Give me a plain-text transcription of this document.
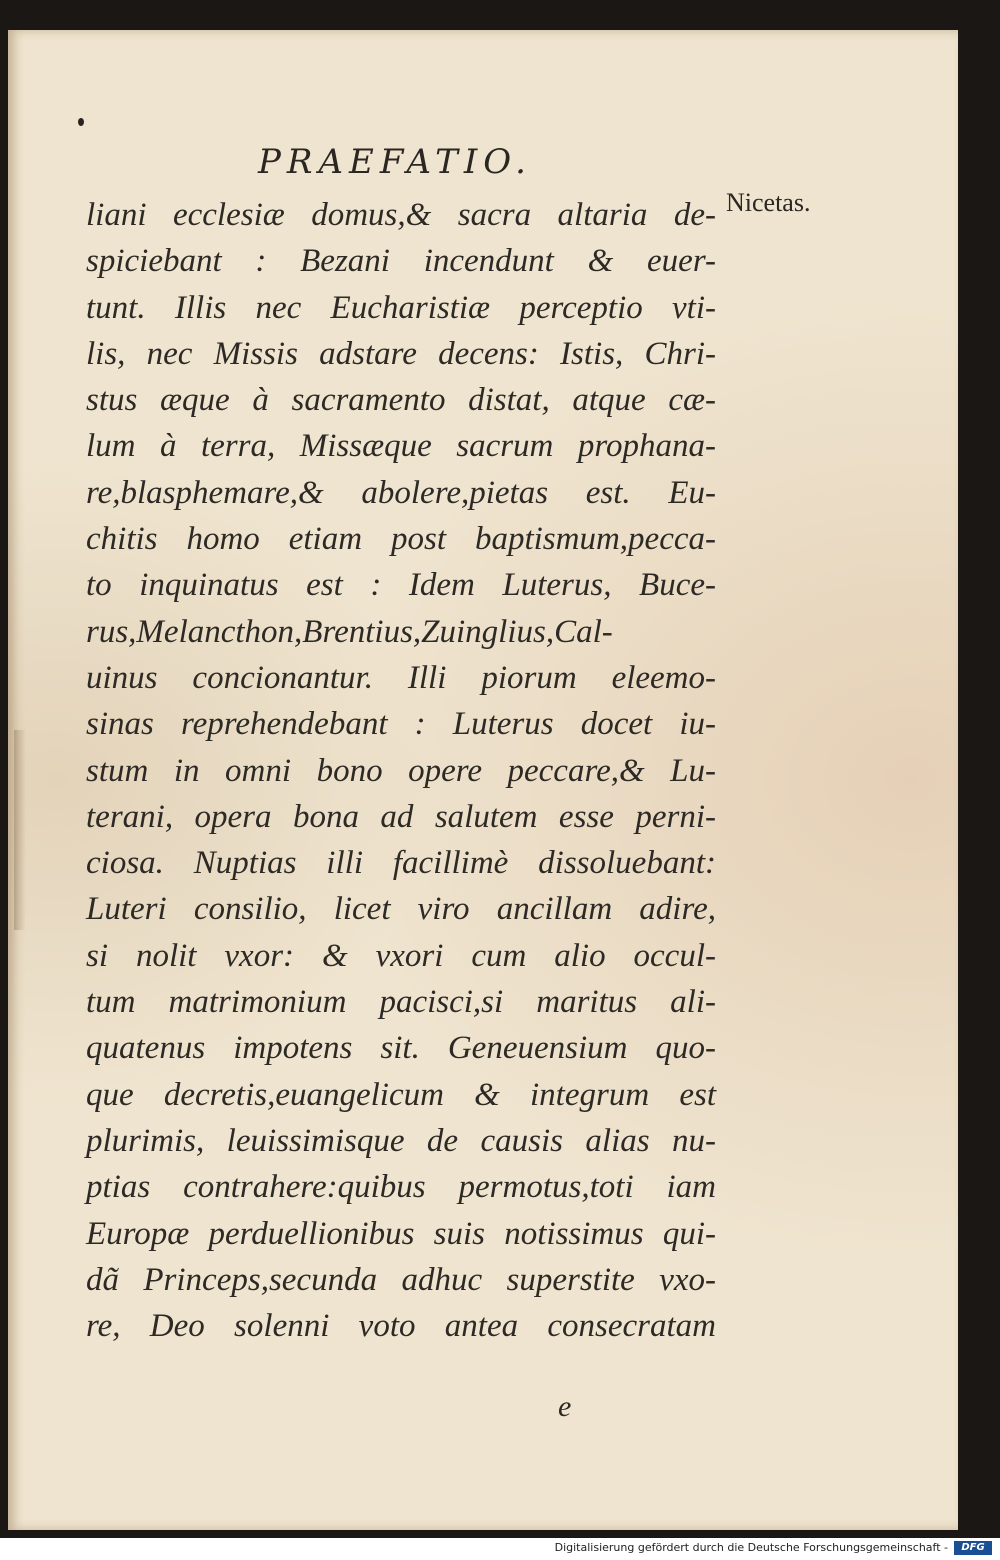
PRAEFATIO.
Nicetas.
liani ecclesiæ domus,& sacra altaria de-
spiciebant : Bezani incendunt & euer-
tunt. Illis nec Eucharistiæ perceptio vti-
lis, nec Missis adstare decens: Istis, Chri-
stus æque à sacramento distat, atque cæ-
lum à terra, Missæque sacrum prophana-
re,blasphemare,& abolere,pietas est. Eu-
chitis homo etiam post baptismum,pecca-
to inquinatus est : Idem Luterus, Buce-
rus,Melancthon,Brentius,Zuinglius,Cal-
uinus concionantur. Illi piorum eleemo-
sinas reprehendebant : Luterus docet iu-
stum in omni bono opere peccare,& Lu-
terani, opera bona ad salutem esse perni-
ciosa. Nuptias illi facillimè dissoluebant:
Luteri consilio, licet viro ancillam adire,
si nolit vxor: & vxori cum alio occul-
tum matrimonium pacisci,si maritus ali-
quatenus impotens sit. Geneuensium quo-
que decretis,euangelicum & integrum est
plurimis, leuissimisque de causis alias nu-
ptias contrahere:quibus permotus,toti iam
Europæ perduellionibus suis notissimus qui-
dã Princeps,secunda adhuc superstite vxo-
re, Deo solenni voto antea consecratam
e
Digitalisierung gefördert durch die Deutsche Forschungsgemeinschaft -	DFG
